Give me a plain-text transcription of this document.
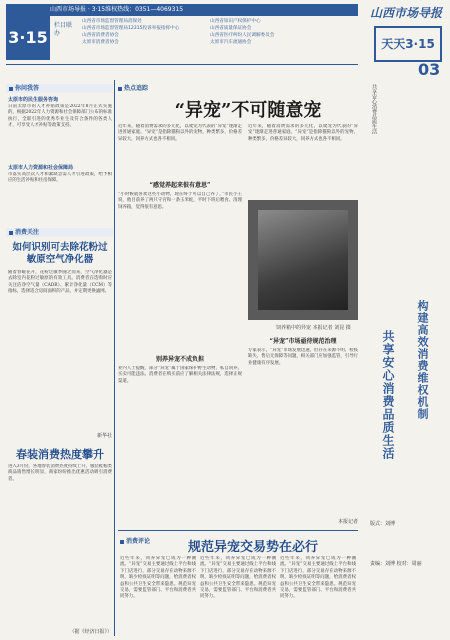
山西市场导报 · 3·15维权热线：0351—4069315
3·15
栏目联办
山西省市场监督管理局消保处
山西省市场监督管理局12315投诉举报指挥中心
山西省消费者协会
太原市消费者协会
山西省知识产权保护中心
山西省质量保证协会
山西省医疗纠纷人民调解委员会
太原市汽车流通协会
山西市场导报
天天3·15
03
共享安心消费品质生活
共享安心消费品质生活 构建高效消费维权机制
版式：刘博
责编：刘博 校对：周丽
你问我答
太原市的民生服务咨询
日前太原市的人才补贴政策是2022年8月正式实施的，根据2022年人力资源和社会保障部门公布的标准执行，全职引进的优秀毕业生及符合条件的各类人才，可享受人才补贴等政策支持。
太原市人力资源和社会保障局
市落实高层次人才和紧缺急需人才引进政策，给予相应的生活补贴和住房保障。
消费关注
如何识别可去除花粉过敏原空气净化器
随着春暖花开，花粉过敏季随之而来，空气净化器是去除室内花粉过敏原的有效工具。消费者在选购时应关注洁净空气量（CADR）、累计净化量（CCM）等指标，选择适合房间面积的产品，并定期更换滤网。
新华社
春装消费热度攀升
进入3月份，各地春装消费热度持续上升，服装鞋帽类商品销售增长明显，商家纷纷推出优惠活动吸引消费者。
（据《经济日报》）
热点追踪
“异宠”不可随意宠
近年来，随着消费需求的多元化，以爬宠为代表的“异宠”逐渐走进普通家庭。“异宠”是指除猫狗以外的宠物，种类繁多，价格差异较大，饲养方式也各不相同。
“感觉养起来很有意思”
“小时候就喜欢这些小动物，现在终于可以自己养了。”市民小王说，他目前养了两只守宫和一条玉米蛇，平时下班后喂食、清理饲养箱，觉得很有意思。
别养异宠不成负担
业内人士提醒，部分“异宠”属于国家保护野生动物，私自饲养、买卖可能违法。消费者在购买前应了解相关法律法规，选择正规渠道。
近年来，随着消费需求的多元化，以爬宠为代表的“异宠”逐渐走进普通家庭。“异宠”是指除猫狗以外的宠物，种类繁多，价格差异较大，饲养方式也各不相同。
饲养箱中的异宠 本报记者 刘昆 摄
“异宠”市场亟待规范治理
专家表示，“异宠”市场发展迅速，但存在来源不明、检疫缺失、售后无保障等问题，相关部门应加强监管，引导行业健康有序发展。
本报记者
消费评论	规范异宠交易势在必行
近些年来，饲养异宠已成为一种潮流。“异宠”交易主要通过线上平台和线下门店进行，部分交易存在动物来源不明、缺少检疫证明等问题，给消费者权益和公共卫生安全带来隐患。规范异宠交易，需要监管部门、平台和消费者共同努力。
近些年来，饲养异宠已成为一种潮流。“异宠”交易主要通过线上平台和线下门店进行，部分交易存在动物来源不明、缺少检疫证明等问题，给消费者权益和公共卫生安全带来隐患。规范异宠交易，需要监管部门、平台和消费者共同努力。
近些年来，饲养异宠已成为一种潮流。“异宠”交易主要通过线上平台和线下门店进行，部分交易存在动物来源不明、缺少检疫证明等问题，给消费者权益和公共卫生安全带来隐患。规范异宠交易，需要监管部门、平台和消费者共同努力。
